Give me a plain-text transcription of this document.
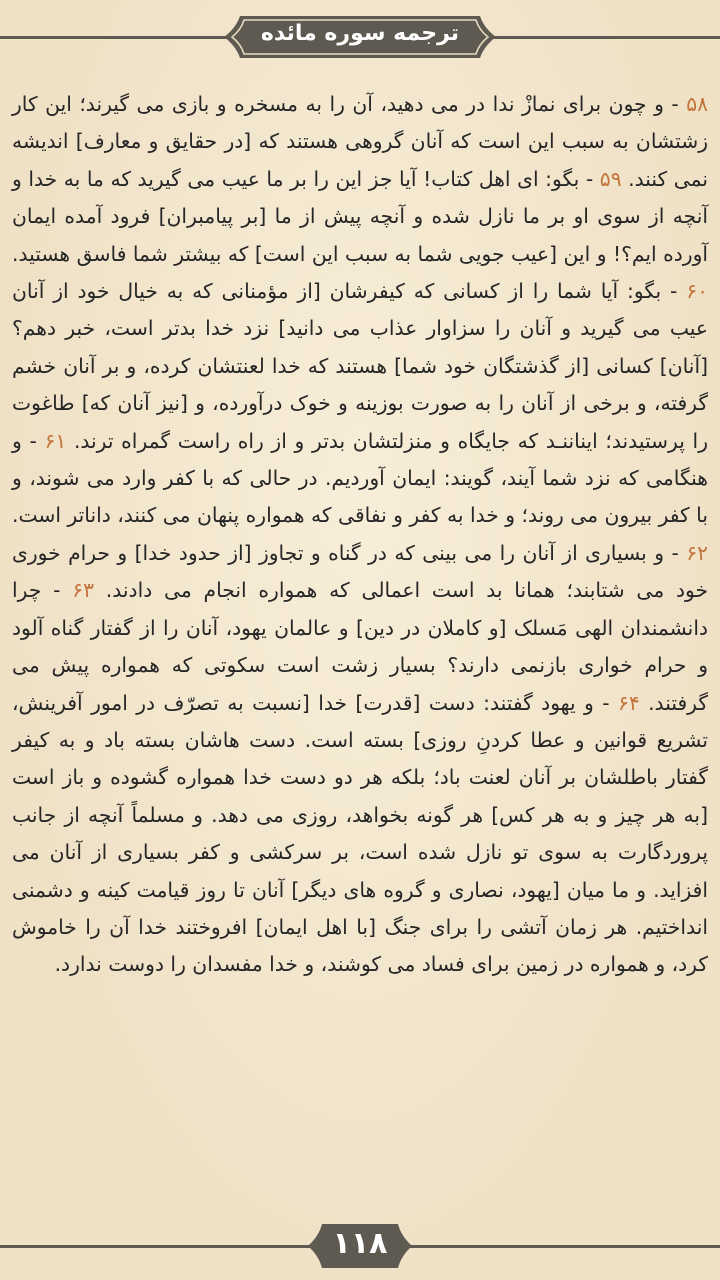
ترجمه سوره مائده
۵۸ - و چون برای نمازْ ندا در می دهید، آن را به مسخره و بازی می گیرند؛ این کار زشتشان به سبب این است که آنان گروهی هستند که [در حقایق و معارف] اندیشه نمی کنند. ۵۹ - بگو: ای اهل کتاب! آیا جز این را بر ما عیب می گیرید که ما به خدا و آنچه از سوی او بر ما نازل شده و آنچه پیش از ما [بر پیامبران] فرود آمده ایمان آورده ایم؟! و این [عیب جویی شما به سبب این است] که بیشتر شما فاسق هستید. ۶۰ - بگو: آیا شما را از کسانی که کیفرشان [از مؤمنانی که به خیال خود از آنان عیب می گیرید و آنان را سزاوار عذاب می دانید] نزد خدا بدتر است، خبر دهم؟ [آنان] کسانی [از گذشتگان خود شما] هستند که خدا لعنتشان کرده، و بر آنان خشم گرفته، و برخی از آنان را به صورت بوزینه و خوک درآورده، و [نیز آنان که] طاغوت را پرستیدند؛ ایناننـد که جایگاه و منزلتشان بدتر و از راه راست گمراه ترند. ۶۱ - و هنگامی که نزد شما آیند، گویند: ایمان آوردیم. در حالی که با کفر وارد می شوند، و با کفر بیرون می روند؛ و خدا به کفر و نفاقی که همواره پنهان می کنند، داناتر است. ۶۲ - و بسیاری از آنان را می بینی که در گناه و تجاوز [از حدود خدا] و حرام خوری خود می شتابند؛ همانا بد است اعمالی که همواره انجام می دادند. ۶۳ - چرا دانشمندان الهی مَسلک [و کاملان در دین] و عالمان یهود، آنان را از گفتار گناه آلود و حرام خواری بازنمی دارند؟ بسیار زشت است سکوتی که همواره پیش می گرفتند. ۶۴ - و یهود گفتند: دست [قدرت] خدا [نسبت به تصرّف در امور آفرینش، تشریع قوانین و عطا کردنِ روزی] بسته است. دست هاشان بسته باد و به کیفر گفتار باطلشان بر آنان لعنت باد؛ بلکه هر دو دست خدا همواره گشوده و باز است [به هر چیز و به هر کس] هر گونه بخواهد، روزی می دهد. و مسلماً آنچه از جانب پروردگارت به سوی تو نازل شده است، بر سرکشی و کفر بسیاری از آنان می افزاید. و ما میان [یهود، نصاری و گروه های دیگر] آنان تا روز قیامت کینه و دشمنی انداختیم. هر زمان آتشی را برای جنگ [با اهل ایمان] افروختند خدا آن را خاموش کرد، و همواره در زمین برای فساد می کوشند، و خدا مفسدان را دوست ندارد.
۱۱۸
